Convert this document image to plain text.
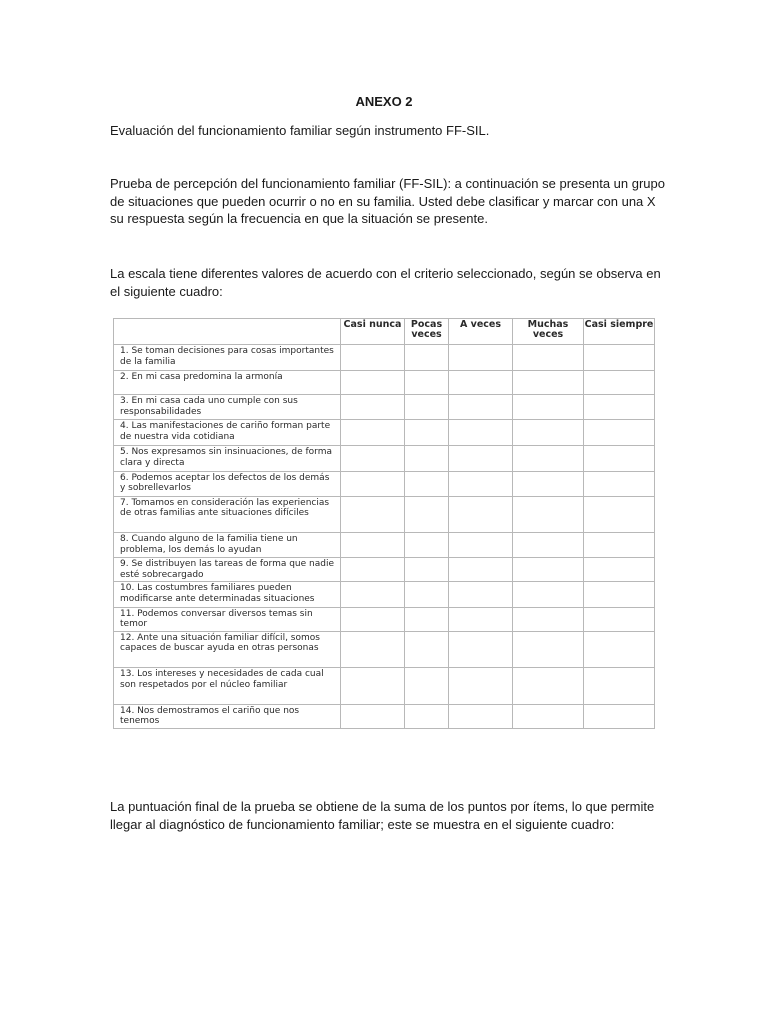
ANEXO 2

Evaluación del funcionamiento familiar según instrumento FF-SIL.

Prueba de percepción del funcionamiento familiar (FF-SIL): a continuación se presenta un grupo de situaciones que pueden ocurrir o no en su familia. Usted debe clasificar y marcar con una X su respuesta según la frecuencia en que la situación se presente.

La escala tiene diferentes valores de acuerdo con el criterio seleccionado, según se observa en el siguiente cuadro:

	Casi nunca	Pocas veces	A veces	Muchas veces	Casi siempre
1. Se toman decisiones para cosas importantes de la familia					
2. En mi casa predomina la armonía					
3. En mi casa cada uno cumple con sus responsabilidades					
4. Las manifestaciones de cariño forman parte de nuestra vida cotidiana					
5. Nos expresamos sin insinuaciones, de forma clara y directa					
6. Podemos aceptar los defectos de los demás y sobrellevarlos					
7. Tomamos en consideración las experiencias de otras familias ante situaciones difíciles					
8. Cuando alguno de la familia tiene un problema, los demás lo ayudan					
9. Se distribuyen las tareas de forma que nadie esté sobrecargado					
10. Las costumbres familiares pueden modificarse ante determinadas situaciones					
11. Podemos conversar diversos temas sin temor					
12. Ante una situación familiar difícil, somos capaces de buscar ayuda en otras personas					
13. Los intereses y necesidades de cada cual son respetados por el núcleo familiar					
14. Nos demostramos el cariño que nos tenemos					

La puntuación final de la prueba se obtiene de la suma de los puntos por ítems, lo que permite llegar al diagnóstico de funcionamiento familiar; este se muestra en el siguiente cuadro:
